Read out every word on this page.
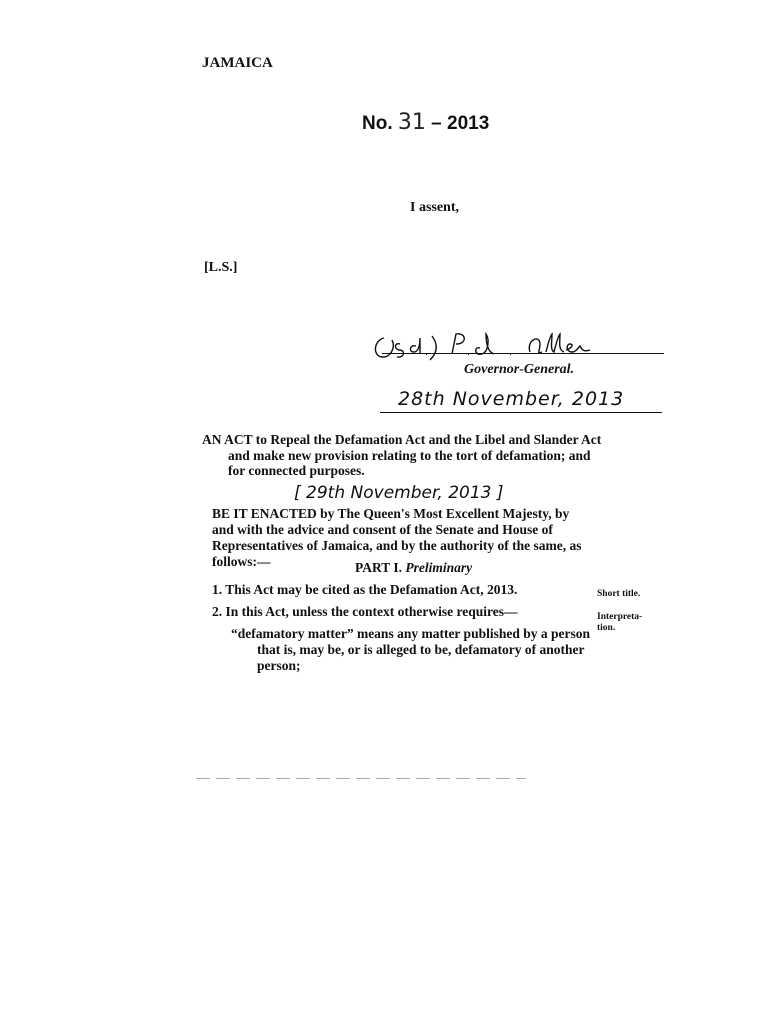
JAMAICA
No. 31 – 2013
I assent,
[L.S.]
Governor-General.
28th November, 2013
AN ACT to Repeal the Defamation Act and the Libel and Slander Act
and make new provision relating to the tort of defamation; and for connected purposes.
[ 29th November, 2013 ]
BE IT ENACTED by The Queen's Most Excellent Majesty, by and with the advice and consent of the Senate and House of Representatives of Jamaica, and by the authority of the same, as follows:—	PART I. Preliminary
1. This Act may be cited as the Defamation Act, 2013.	Short title.
2. In this Act, unless the context otherwise requires—	Interpreta- tion.
“defamatory matter” means any matter published by a person
that is, may be, or is alleged to be, defamatory of another person;
